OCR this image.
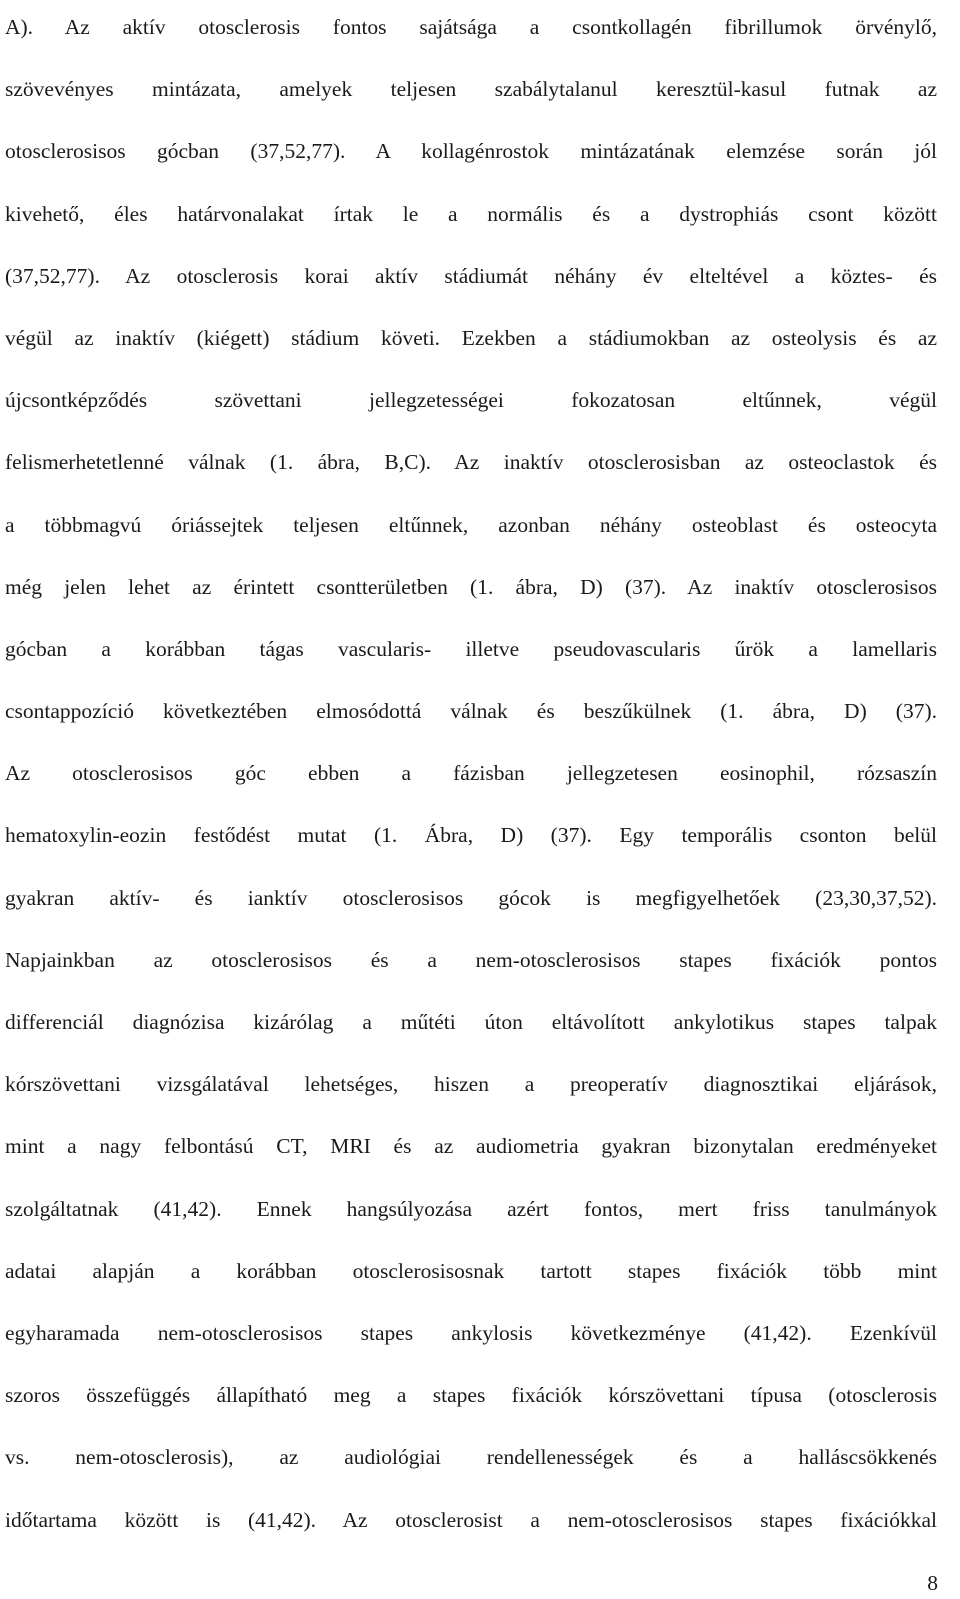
A). Az aktív otosclerosis fontos sajátsága a csontkollagén fibrillumok örvénylő,
szövevényes mintázata, amelyek teljesen szabálytalanul keresztül-kasul futnak az
otosclerosisos gócban (37,52,77). A kollagénrostok mintázatának elemzése során jól
kivehető, éles határvonalakat írtak le a normális és a dystrophiás csont között
(37,52,77). Az otosclerosis korai aktív stádiumát néhány év elteltével a köztes- és
végül az inaktív (kiégett) stádium követi. Ezekben a stádiumokban az osteolysis és az
újcsontképződés szövettani jellegzetességei fokozatosan eltűnnek, végül
felismerhetetlenné válnak (1. ábra, B,C). Az inaktív otosclerosisban az osteoclastok és
a többmagvú óriássejtek teljesen eltűnnek, azonban néhány osteoblast és osteocyta
még jelen lehet az érintett csontterületben (1. ábra, D) (37). Az inaktív otosclerosisos
gócban a korábban tágas vascularis- illetve pseudovascularis űrök a lamellaris
csontappozíció következtében elmosódottá válnak és beszűkülnek (1. ábra, D) (37).
Az otosclerosisos góc ebben a fázisban jellegzetesen eosinophil, rózsaszín
hematoxylin-eozin festődést mutat (1. Ábra, D) (37). Egy temporális csonton belül
gyakran aktív- és ianktív otosclerosisos gócok is megfigyelhetőek (23,30,37,52).
Napjainkban az otosclerosisos és a nem-otosclerosisos stapes fixációk pontos
differenciál diagnózisa kizárólag a műtéti úton eltávolított ankylotikus stapes talpak
kórszövettani vizsgálatával lehetséges, hiszen a preoperatív diagnosztikai eljárások,
mint a nagy felbontású CT, MRI és az audiometria gyakran bizonytalan eredményeket
szolgáltatnak (41,42). Ennek hangsúlyozása azért fontos, mert friss tanulmányok
adatai alapján a korábban otosclerosisosnak tartott stapes fixációk több mint
egyharamada nem-otosclerosisos stapes ankylosis következménye (41,42). Ezenkívül
szoros összefüggés állapítható meg a stapes fixációk kórszövettani típusa (otosclerosis
vs. nem-otosclerosis), az audiológiai rendellenességek és a halláscsökkenés
időtartama között is (41,42). Az otosclerosist a nem-otosclerosisos stapes fixációkkal
8
